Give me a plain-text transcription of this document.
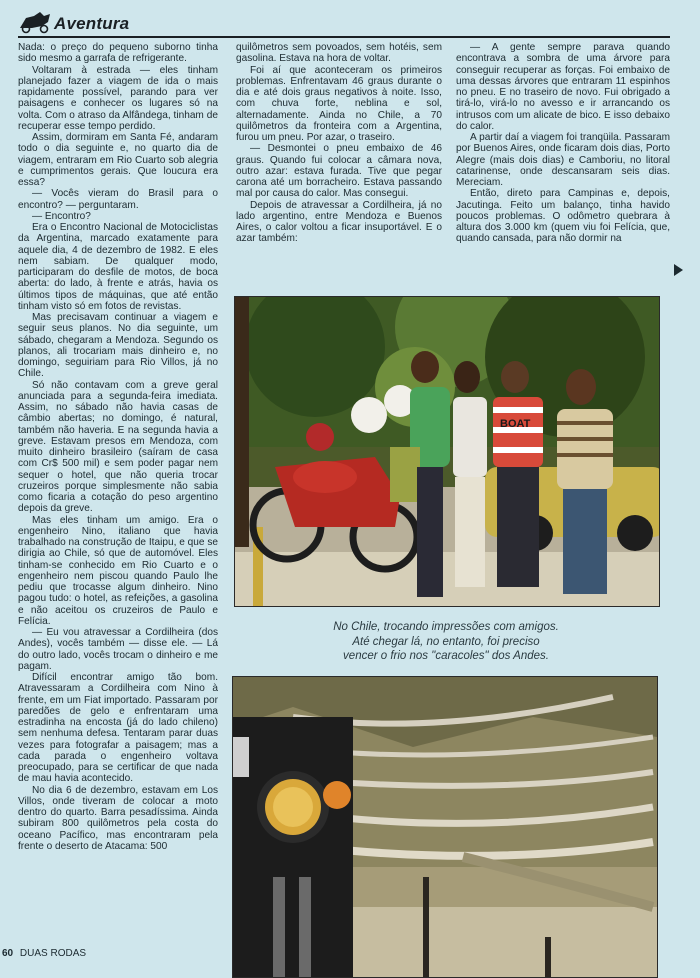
Aventura

Nada: o preço do pequeno suborno tinha sido mesmo a garrafa de refrigerante.

Voltaram à estrada — eles tinham planejado fazer a viagem de ida o mais rapidamente possível, parando para ver paisagens e conhecer os lugares só na volta. Com o atraso da Alfândega, tinham de recuperar esse tempo perdido.

Assim, dormiram em Santa Fé, andaram todo o dia seguinte e, no quarto dia de viagem, entraram em Rio Cuarto sob alegria e cumprimentos gerais. Que loucura era essa?

— Vocês vieram do Brasil para o encontro? — perguntaram.

— Encontro?

Era o Encontro Nacional de Motociclistas da Argentina, marcado exatamente para aquele dia, 4 de dezembro de 1982. E eles nem sabiam. De qualquer modo, participaram do desfile de motos, de boca aberta: do lado, à frente e atrás, havia os últimos tipos de máquinas, que até então tinham visto só em fotos de revistas.

Mas precisavam continuar a viagem e seguir seus planos. No dia seguinte, um sábado, chegaram a Mendoza. Segundo os planos, ali trocariam mais dinheiro e, no domingo, seguiriam para Rio Villos, já no Chile.

Só não contavam com a greve geral anunciada para a segunda-feira imediata. Assim, no sábado não havia casas de câmbio abertas; no domingo, é natural, também não haveria. E na segunda havia a greve. Estavam presos em Mendoza, com muito dinheiro brasileiro (saíram de casa com Cr$ 500 mil) e sem poder pagar nem sequer o hotel, que não queria trocar cruzeiros porque simplesmente não sabia como ficaria a cotação do peso argentino depois da greve.

Mas eles tinham um amigo. Era o engenheiro Nino, italiano que havia trabalhado na construção de Itaipu, e que se dirigia ao Chile, só que de automóvel. Eles tinham-se conhecido em Rio Cuarto e o engenheiro nem piscou quando Paulo lhe pediu que trocasse algum dinheiro. Nino pagou tudo: o hotel, as refeições, a gasolina e não aceitou os cruzeiros de Paulo e Felícia.

— Eu vou atravessar a Cordilheira (dos Andes), vocês também — disse ele. — Lá do outro lado, vocês trocam o dinheiro e me pagam.

Difícil encontrar amigo tão bom. Atravessaram a Cordilheira com Nino à frente, em um Fiat importado. Passaram por paredões de gelo e enfrentaram uma estradinha na encosta (já do lado chileno) sem nenhuma defesa. Tentaram parar duas vezes para fotografar a paisagem; mas a cada parada o engenheiro voltava preocupado, para se certificar de que nada de mau havia acontecido.

No dia 6 de dezembro, estavam em Los Villos, onde tiveram de colocar a moto dentro do quarto. Barra pesadíssima. Ainda subiram 800 quilômetros pela costa do oceano Pacífico, mas encontraram pela frente o deserto de Atacama: 500

quilômetros sem povoados, sem hotéis, sem gasolina. Estava na hora de voltar.

Foi aí que aconteceram os primeiros problemas. Enfrentavam 46 graus durante o dia e até dois graus negativos à noite. Isso, com chuva forte, neblina e sol, alternadamente. Ainda no Chile, a 70 quilômetros da fronteira com a Argentina, furou um pneu. Por azar, o traseiro.

— Desmontei o pneu embaixo de 46 graus. Quando fui colocar a câmara nova, outro azar: estava furada. Tive que pegar carona até um borracheiro. Estava passando mal por causa do calor. Mas consegui.

Depois de atravessar a Cordilheira, já no lado argentino, entre Mendoza e Buenos Aires, o calor voltou a ficar insuportável. E o azar também:

— A gente sempre parava quando encontrava a sombra de uma árvore para conseguir recuperar as forças. Foi embaixo de uma dessas árvores que entraram 11 espinhos no pneu. E no traseiro de novo. Fui obrigado a tirá-lo, virá-lo no avesso e ir arrancando os intrusos com um alicate de bico. E isso debaixo do calor.

A partir daí a viagem foi tranqüila. Passaram por Buenos Aires, onde ficaram dois dias, Porto Alegre (mais dois dias) e Camboriu, no litoral catarinense, onde descansaram seis dias. Mereciam.

Então, direto para Campinas e, depois, Jacutinga. Feito um balanço, tinha havido poucos problemas. O odômetro quebrara à altura dos 3.000 km (quem viu foi Felícia, que, quando cansada, para não dormir na

BOAT
No Chile, trocando impressões com amigos.
Até chegar lá, no entanto, foi preciso
vencer o frio nos "caracoles" dos Andes.
60 DUAS RODAS
